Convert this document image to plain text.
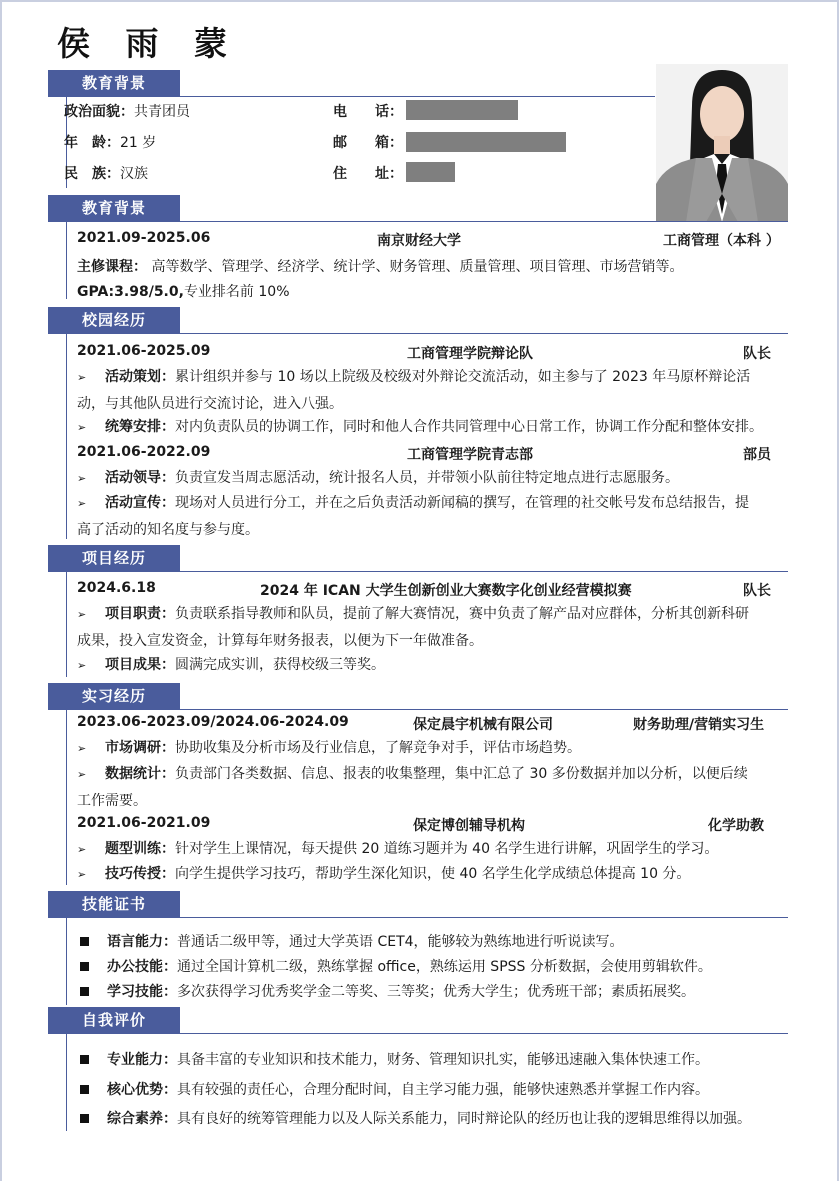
侯 雨 蒙
教育背景
政治面貌：共青团员
年　龄：21 岁
民　族：汉族
电　　话：
邮　　箱：
住　　址：
教育背景
2021.09-2025.06	南京财经大学	工商管理（本科 ）
主修课程： 高等数学、管理学、经济学、统计学、财务管理、质量管理、项目管理、市场营销等。
GPA:3.98/5.0,专业排名前 10%
校园经历
2021.06-2025.09	工商管理学院辩论队	队长
➢ 活动策划：累计组织并参与 10 场以上院级及校级对外辩论交流活动，如主参与了 2023 年马原杯辩论活
动，与其他队员进行交流讨论，进入八强。
➢ 统筹安排：对内负责队员的协调工作，同时和他人合作共同管理中心日常工作，协调工作分配和整体安排。
2021.06-2022.09	工商管理学院青志部	部员
➢ 活动领导：负责宣发当周志愿活动，统计报名人员，并带领小队前往特定地点进行志愿服务。
➢ 活动宣传：现场对人员进行分工，并在之后负责活动新闻稿的撰写，在管理的社交帐号发布总结报告，提
高了活动的知名度与参与度。
项目经历
2024.6.18	2024 年 ICAN 大学生创新创业大赛数字化创业经营模拟赛	队长
➢ 项目职责：负责联系指导教师和队员，提前了解大赛情况，赛中负责了解产品对应群体，分析其创新科研
成果，投入宣发资金，计算每年财务报表，以便为下一年做准备。
➢ 项目成果：圆满完成实训，获得校级三等奖。
实习经历
2023.06-2023.09/2024.06-2024.09	保定晨宇机械有限公司	财务助理/营销实习生
➢ 市场调研：协助收集及分析市场及行业信息，了解竞争对手，评估市场趋势。
➢ 数据统计：负责部门各类数据、信息、报表的收集整理，集中汇总了 30 多份数据并加以分析，以便后续
工作需要。
2021.06-2021.09	保定博创辅导机构	化学助教
➢ 题型训练：针对学生上课情况，每天提供 20 道练习题并为 40 名学生进行讲解，巩固学生的学习。
➢ 技巧传授：向学生提供学习技巧，帮助学生深化知识，使 40 名学生化学成绩总体提高 10 分。
技能证书
语言能力：普通话二级甲等，通过大学英语 CET4，能够较为熟练地进行听说读写。
办公技能：通过全国计算机二级，熟练掌握 office，熟练运用 SPSS 分析数据，会使用剪辑软件。
学习技能：多次获得学习优秀奖学金二等奖、三等奖；优秀大学生；优秀班干部；素质拓展奖。
自我评价
专业能力：具备丰富的专业知识和技术能力，财务、管理知识扎实，能够迅速融入集体快速工作。
核心优势：具有较强的责任心，合理分配时间，自主学习能力强，能够快速熟悉并掌握工作内容。
综合素养：具有良好的统筹管理能力以及人际关系能力，同时辩论队的经历也让我的逻辑思维得以加强。
